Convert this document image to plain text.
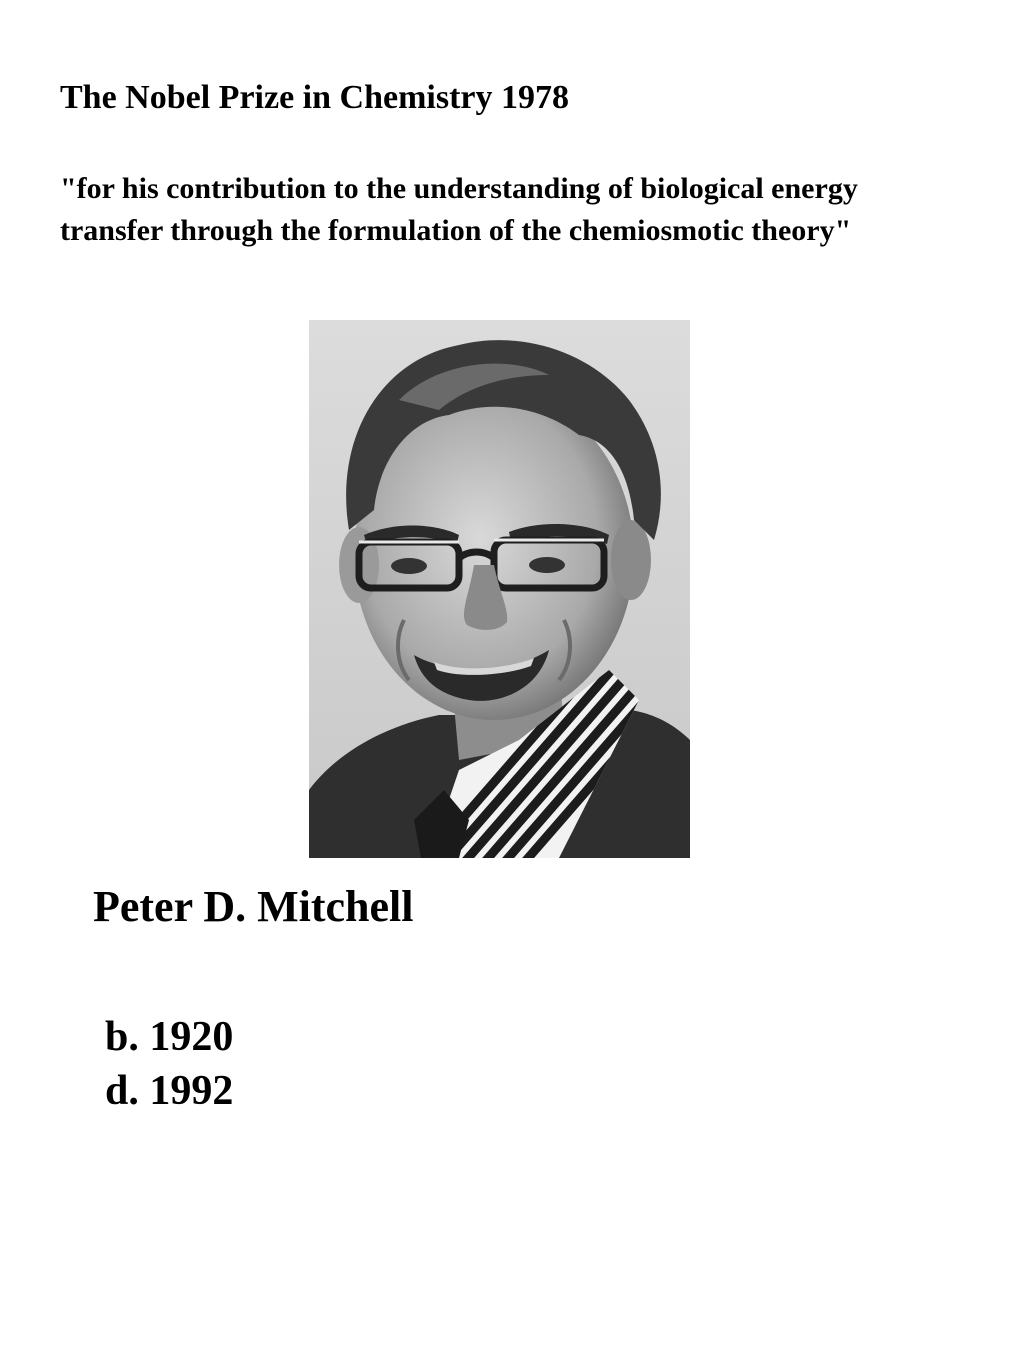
The Nobel Prize in Chemistry 1978
"for his contribution to the understanding of biological energy transfer through the formulation of the chemiosmotic theory"
Peter D. Mitchell
b. 1920
d. 1992
